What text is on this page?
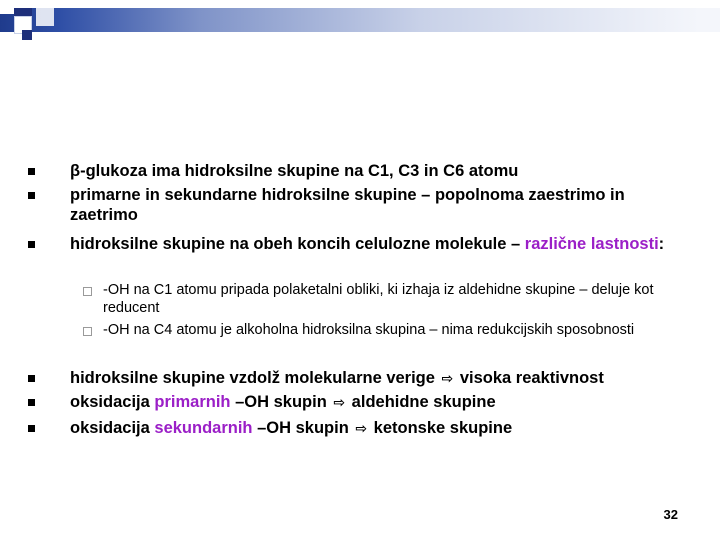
β-glukoza ima hidroksilne skupine na C1, C3 in C6 atomu
primarne in sekundarne hidroksilne skupine – popolnoma zaestrimo in zaetrimo
hidroksilne skupine na obeh koncih celulozne molekule – različne lastnosti:
-OH na C1 atomu pripada polaketalni obliki, ki izhaja iz aldehidne skupine – deluje kot reducent
-OH na C4 atomu je alkoholna hidroksilna skupina – nima redukcijskih sposobnosti
hidroksilne skupine vzdolž molekularne verige ⇨ visoka reaktivnost
oksidacija primarnih –OH skupin ⇨ aldehidne skupine
oksidacija sekundarnih –OH skupin ⇨ ketonske skupine
32
